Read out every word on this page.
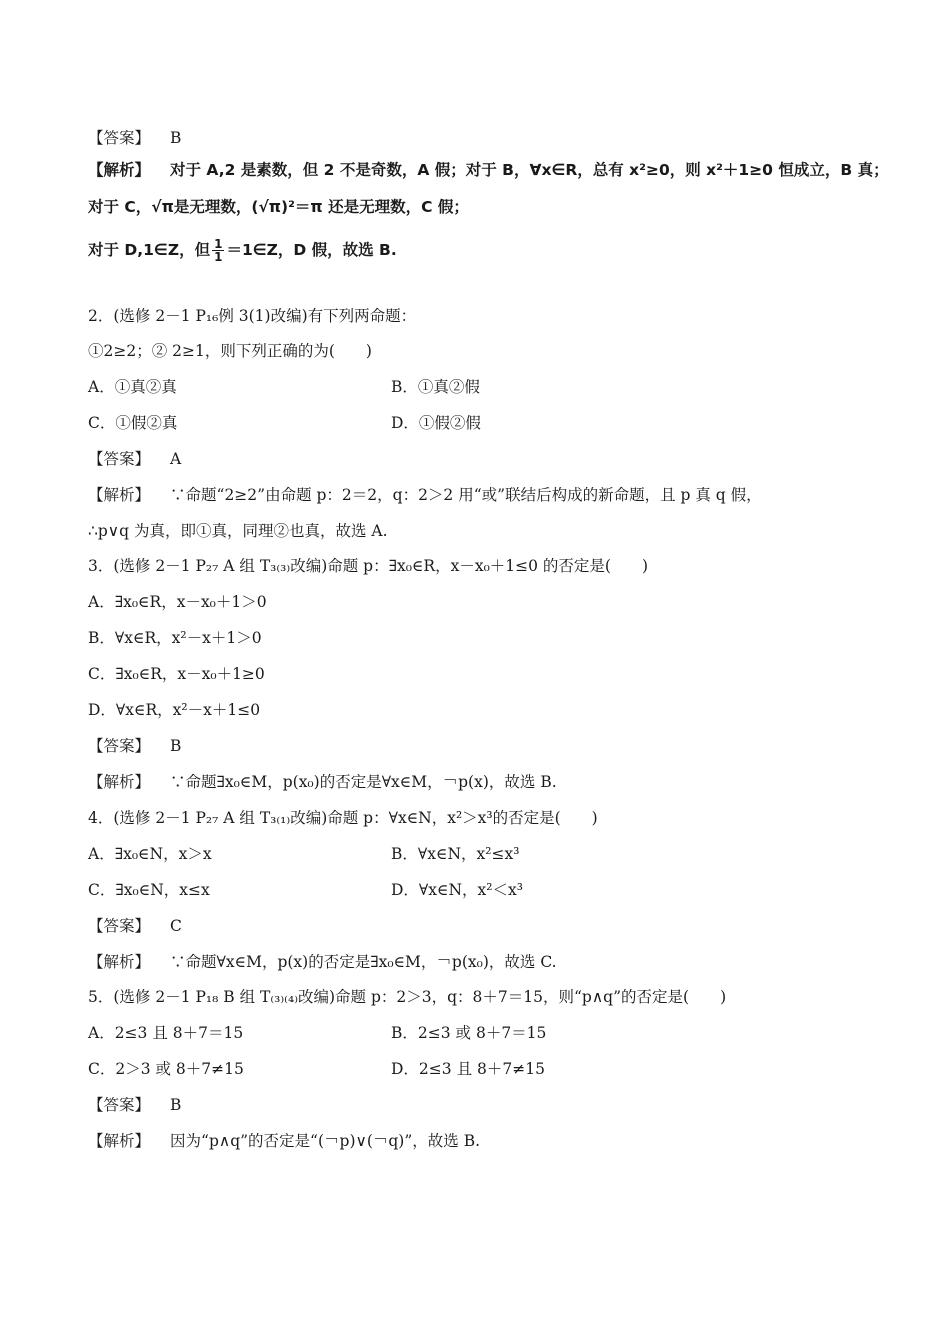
【答案】 B
【解析】 对于 A,2 是素数，但 2 不是奇数，A 假；对于 B，∀x∈R，总有 x²≥0，则 x²＋1≥0 恒成立，B 真；
对于 C，√π是无理数，(√π)²＝π 还是无理数，C 假；
对于 D,1∈Z，但 $\frac{1}{1}$ ＝1∈Z，D 假，故选 B.
2．(选修 2－1 P₁₆例 3(1)改编)有下列两命题：
①2≥2；② 2≥1，则下列正确的为(　　)
A．①真②真	B．①真②假
C．①假②真	D．①假②假
【答案】 A
【解析】 ∵命题“2≥2”由命题 p：2＝2，q：2＞2 用“或”联结后构成的新命题，且 p 真 q 假，
∴p∨q 为真，即①真，同理②也真，故选 A.
3．(选修 2－1 P₂₇ A 组 T₃₍₃₎改编)命题 p：∃x₀∈R，x－x₀＋1≤0 的否定是(　　)
A．∃x₀∈R，x－x₀＋1＞0
B．∀x∈R，x²－x＋1＞0
C．∃x₀∈R，x－x₀＋1≥0
D．∀x∈R，x²－x＋1≤0
【答案】 B
【解析】 ∵命题∃x₀∈M，p(x₀)的否定是∀x∈M，￢p(x)，故选 B.
4．(选修 2－1 P₂₇ A 组 T₃₍₁₎改编)命题 p：∀x∈N，x²＞x³的否定是(　　)
A．∃x₀∈N，x＞x	B．∀x∈N，x²≤x³
C．∃x₀∈N，x≤x	D．∀x∈N，x²＜x³
【答案】 C
【解析】 ∵命题∀x∈M，p(x)的否定是∃x₀∈M，￢p(x₀)，故选 C.
5．(选修 2－1 P₁₈ B 组 T₍₃₎₍₄₎改编)命题 p：2＞3，q：8＋7＝15，则“p∧q”的否定是(　　)
A．2≤3 且 8＋7＝15	B．2≤3 或 8＋7＝15
C．2＞3 或 8＋7≠15	D．2≤3 且 8＋7≠15
【答案】 B
【解析】 因为“p∧q”的否定是“(￢p)∨(￢q)”，故选 B.
